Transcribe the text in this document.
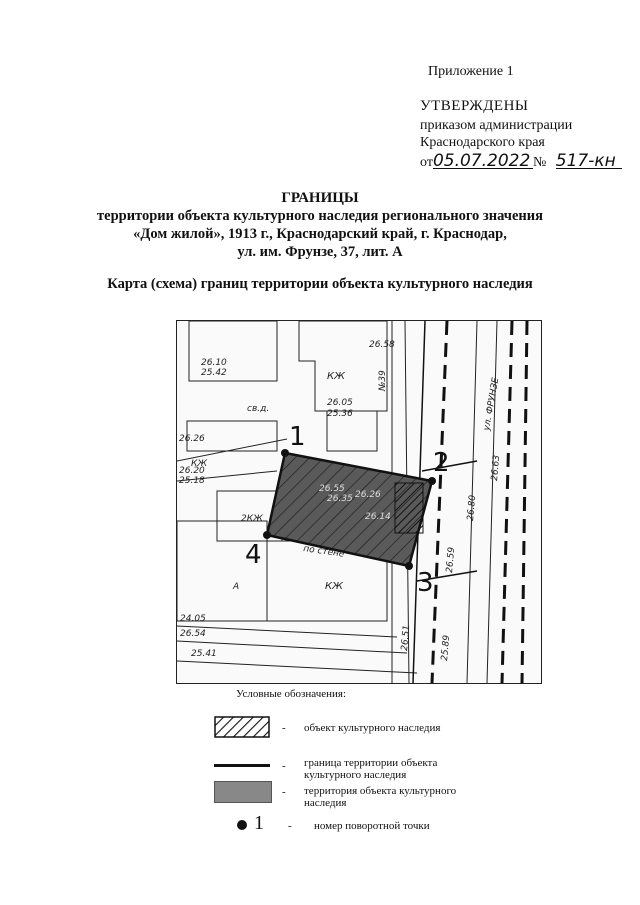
Приложение 1
УТВЕРЖДЕНЫ
приказом администрации
Краснодарского края
от05.07.2022 № 517-кн
ГРАНИЦЫ
территории объекта культурного наследия регионального значения
«Дом жилой», 1913 г., Краснодарский край, г. Краснодар,
ул. им. Фрунзе, 37, лит. А
Карта (схема) границ территории объекта культурного наследия
1
2
3
4
КЖ
КЖ
КЖ
2КЖ
А
ул. ФРУНЗЕ
№39
26.58
26.10
25.42
26.05
25.36
26.26
26.20
25.18
24.05
26.54
25.41	25.89
26.59
26.80
26.63
26.51
по стене
св.д.
26.55
26.35 26.26
26.14
Условные обозначения:
- объект культурного наследия
- граница территории объекта
культурного наследия
- территория объекта культурного
наследия
1 - номер поворотной точки
